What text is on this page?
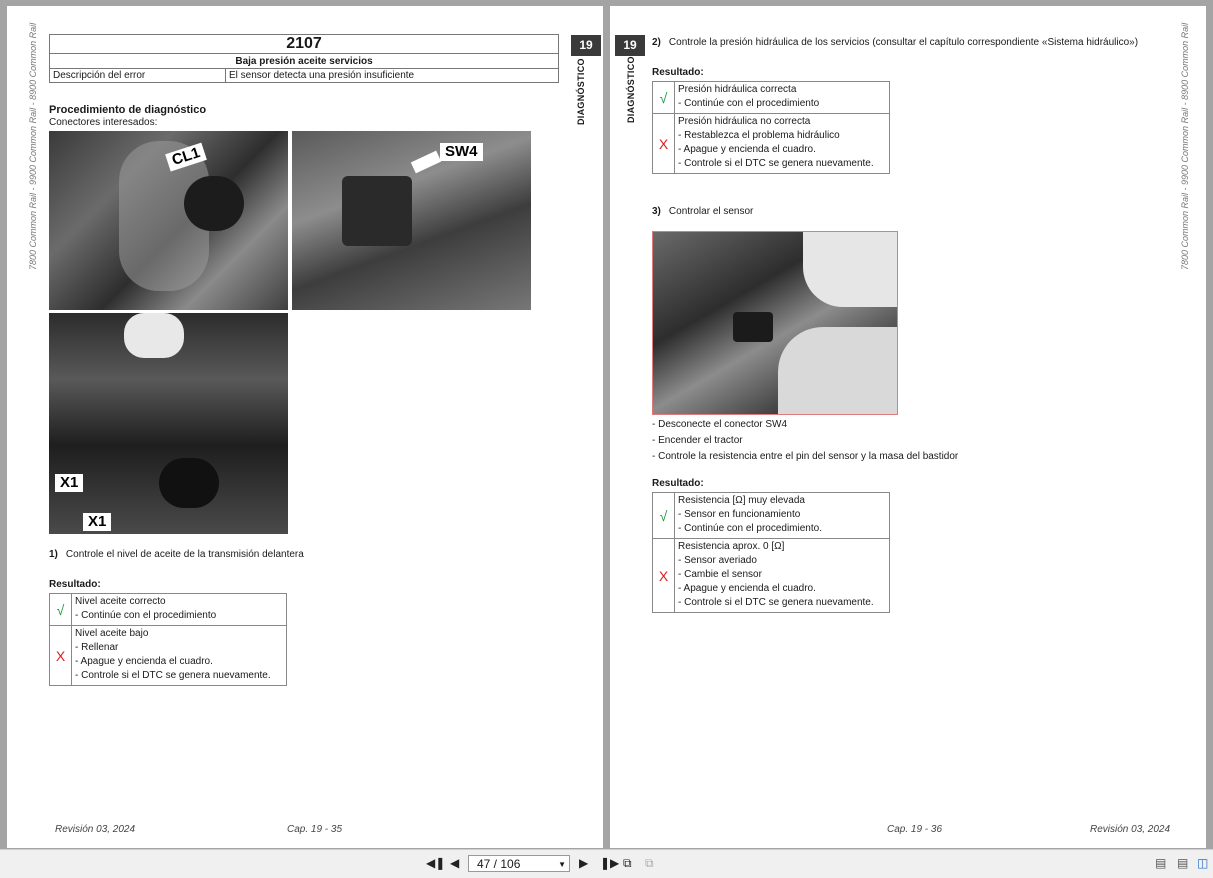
7800 Common Rail - 9900 Common Rail - 8900 Common Rail	19
DIAGNÓSTICO
2107
Baja presión aceite servicios
Descripción del error	El sensor detecta una presión insuficiente
Procedimiento de diagnóstico
Conectores interesados:
CL1	SW4
X1
X1
1) Controle el nivel de aceite de la transmisión delantera
Resultado:
√	Nivel aceite correcto
- Continúe con el procedimiento

X	Nivel aceite bajo
- Rellenar
- Apague y encienda el cuadro.
- Controle si el DTC se genera nuevamente.
Revisión 03, 2024	Cap. 19 - 35
19
DIAGNÓSTICO	7800 Common Rail - 9900 Common Rail - 8900 Common Rail
2) Controle la presión hidráulica de los servicios (consultar el capítulo correspondiente «Sistema hidráulico»)
Resultado:
√	Presión hidráulica correcta
- Continúe con el procedimiento

X	Presión hidráulica no correcta
- Restablezca el problema hidráulico
- Apague y encienda el cuadro.
- Controle si el DTC se genera nuevamente.
3) Controlar el sensor
- Desconecte el conector SW4
- Encender el tractor
- Controle la resistencia entre el pin del sensor y la masa del bastidor
Resultado:
√	Resistencia [Ω] muy elevada
- Sensor en funcionamiento
- Continúe con el procedimiento.

X	Resistencia aprox. 0 [Ω]
- Sensor averiado
- Cambie el sensor
- Apague y encienda el cuadro.
- Controle si el DTC se genera nuevamente.
Cap. 19 - 36	Revisión 03, 2024
◀❚ ◀	47 / 106	▼ ▶ ❚▶ ⧉ ⧉	▤ ▤ ◫
